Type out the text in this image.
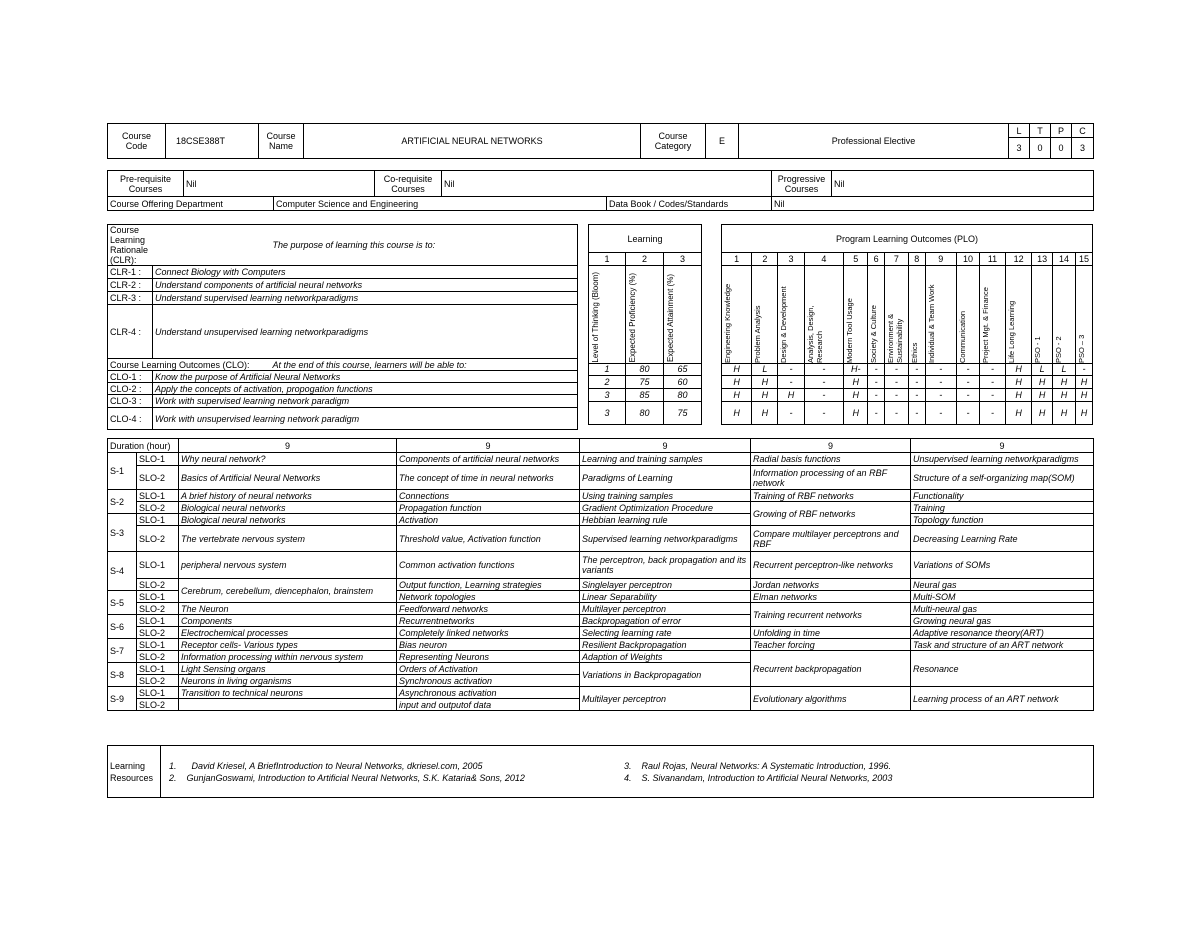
Course Code	18CSE388T	Course Name	ARTIFICIAL NEURAL NETWORKS	Course Category	E	Professional Elective	L	T	P	C
							3	0	0	3
Pre-requisite Courses	Nil		Co-requisite Courses	Nil		Progressive Courses	Nil
Course Offering Department		Computer Science and Engineering			Data Book / Codes/Standards	Nil	
Course Learning Rationale (CLR):	The purpose of learning this course is to:
CLR-1 :	Connect Biology with Computers
CLR-2 :	Understand components of artificial neural networks
CLR-3 :	Understand supervised learning networkparadigms
CLR-4 :	Understand unsupervised learning networkparadigms
Course Learning Outcomes (CLO):	At the end of this course, learners will be able to:
CLO-1 :	Know the purpose of Artificial Neural Networks
CLO-2 :	Apply the concepts of activation, propogation functions
CLO-3 :	Work with supervised learning network paradigm
CLO-4 :	Work with unsupervised learning network paradigm
Learning		
1	2	3

Level of Thinking (Bloom)	Expected Proficiency (%)	Expected Attainment (%)

1	80	65
2	75	60
3	85	80
3	80	75
Program Learning Outcomes (PLO)														
1	2	3	4	5	6	7	8	9	10	11	12	13	14	15

Engineering Knowledge	Problem Analysis	Design & Development	Analysis, Design, Research	Modern Tool Usage	Society & Culture	Environment & Sustainability	Ethics	Individual & Team Work	Communication	Project Mgt. & Finance	Life Long Learning	PSO - 1	PSO - 2	PSO – 3

H	L	-	-	H-	-	-	-	-	-	-	H	L	L	-
H	H	-	-	H	-	-	-	-	-	-	H	H	H	H
H	H	H	-	H	-	-	-	-	-	-	H	H	H	H
H	H	-	-	H	-	-	-	-	-	-	H	H	H	H
Duration (hour)		9	9	9	9	9
S-1	SLO-1	Why neural network?	Components of artificial neural networks	Learning and training samples	Radial basis functions	Unsupervised learning networkparadigms
	SLO-2	Basics of Artificial Neural Networks	The concept of time in neural networks	Paradigms of Learning	Information processing of an RBF network	Structure of a self-organizing map(SOM)
S-2	SLO-1	A brief history of neural networks	Connections	Using training samples	Training of RBF networks	Functionality
	SLO-2	Biological neural networks	Propagation function	Gradient Optimization Procedure	Growing of RBF networks	Training
S-3	SLO-1	Biological neural networks	Activation	Hebbian learning rule		Topology function
	SLO-2	The vertebrate nervous system	Threshold value, Activation function	Supervised learning networkparadigms	Compare multilayer perceptrons and RBF	Decreasing Learning Rate
S-4	SLO-1	peripheral nervous system	Common activation functions	The perceptron, back propagation and its variants	Recurrent perceptron-like networks	Variations of SOMs
	SLO-2	Cerebrum, cerebellum, diencephalon, brainstem	Output function, Learning strategies	Singlelayer perceptron	Jordan networks	Neural gas
S-5	SLO-1		Network topologies	Linear Separability	Elman networks	Multi-SOM
	SLO-2	The Neuron	Feedforward networks	Multilayer perceptron	Training recurrent networks	Multi-neural gas
S-6	SLO-1	Components	Recurrentnetworks	Backpropagation of error		Growing neural gas
	SLO-2	Electrochemical processes	Completely linked networks	Selecting learning rate	Unfolding in time	Adaptive resonance theory(ART)
S-7	SLO-1	Receptor cells- Various types	Bias neuron	Resilient Backpropagation	Teacher forcing	Task and structure of an ART network
	SLO-2	Information processing within nervous system	Representing Neurons	Adaption of Weights	Recurrent backpropagation	Resonance
S-8	SLO-1	Light Sensing organs	Orders of Activation	Variations in Backpropagation		
	SLO-2	Neurons in living organisms	Synchronous activation			
S-9	SLO-1	Transition to technical neurons	Asynchronous activation	Multilayer perceptron	Evolutionary algorithms	Learning process of an ART network
	SLO-2		input and outputof data			
Learning Resources	
1. David Kriesel, A BriefIntroduction to Neural Networks, dkriesel.com, 2005
2. GunjanGoswami, Introduction to Artificial Neural Networks, S.K. Kataria& Sons, 2012
3. Raul Rojas, Neural Networks: A Systematic Introduction, 1996.
4. S. Sivanandam, Introduction to Artificial Neural Networks, 2003
